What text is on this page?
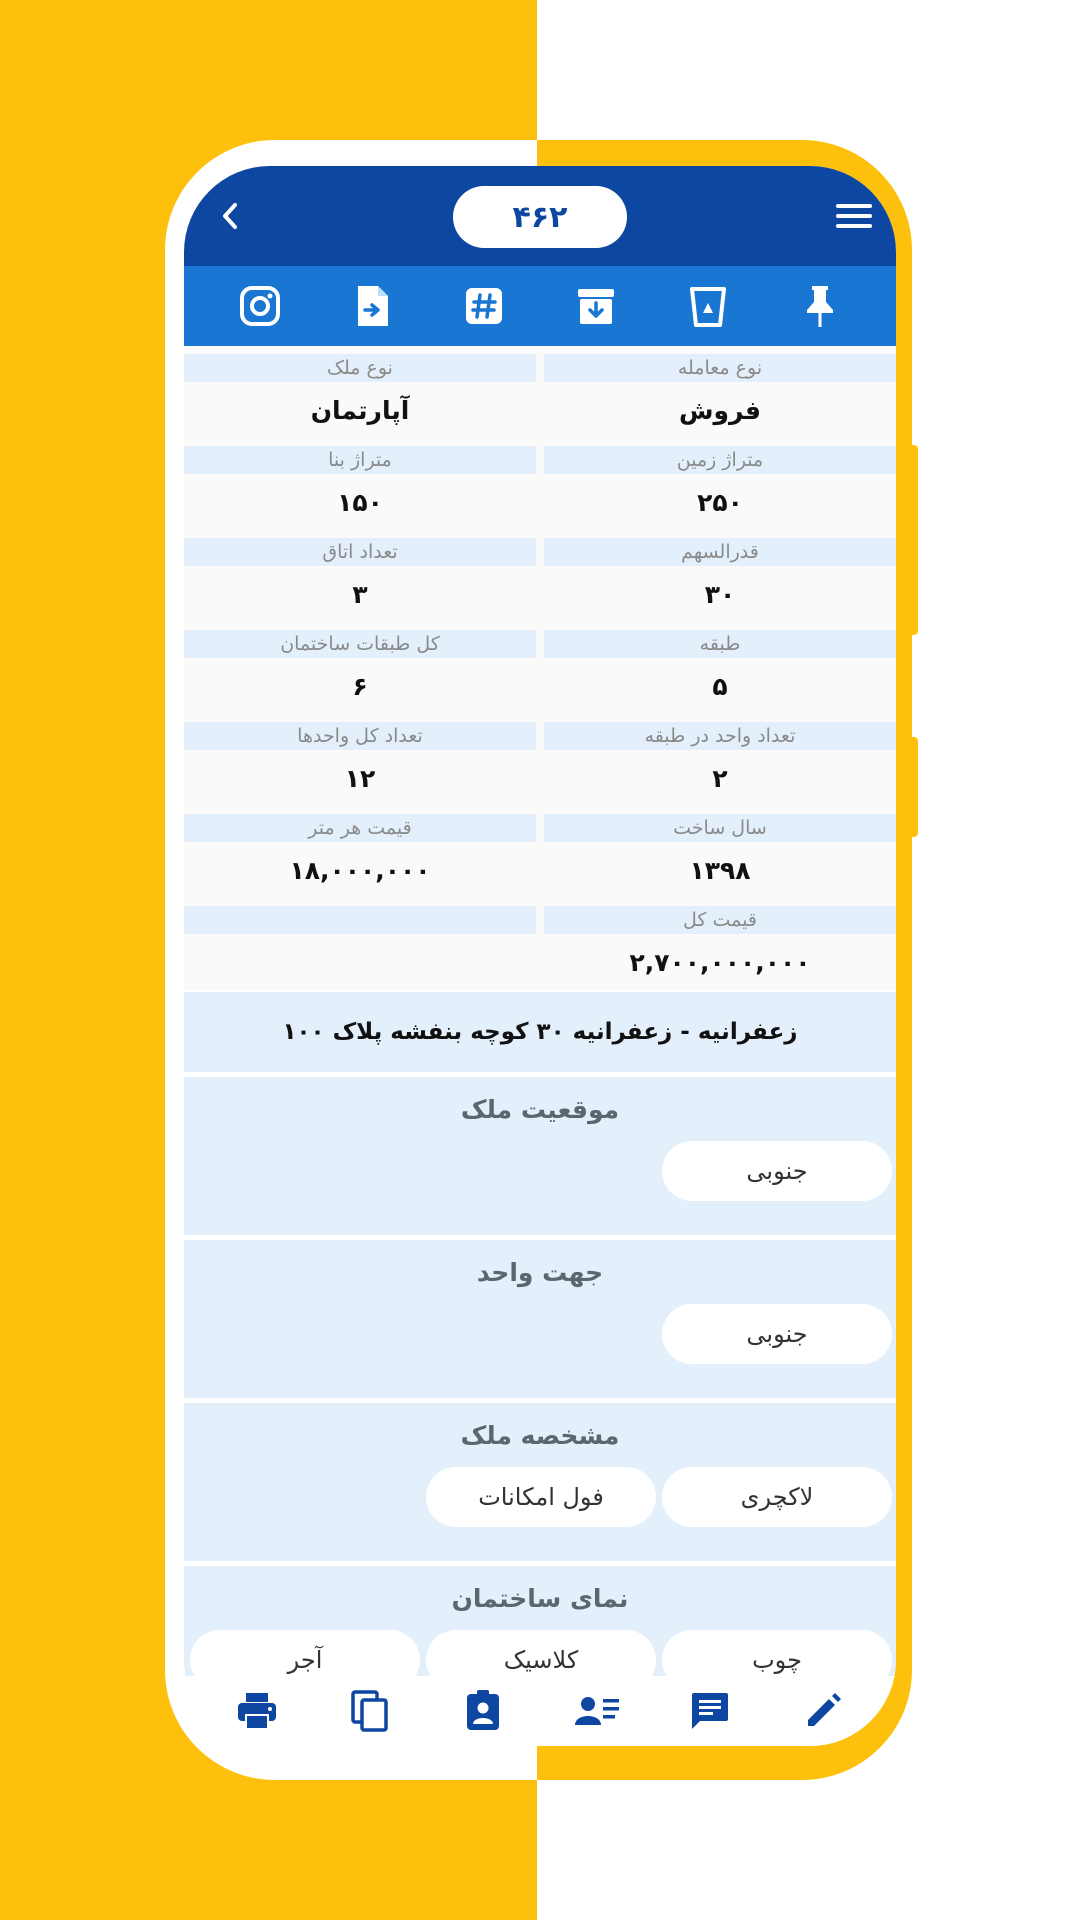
۴۶۲
نوع معامله
نوع ملک
فروش
آپارتمان
متراژ زمین
متراژ بنا
۲۵۰
۱۵۰
قدرالسهم
تعداد اتاق
۳۰
۳
طبقه
کل طبقات ساختمان
۵
۶
تعداد واحد در طبقه
تعداد کل واحدها
۲
۱۲
سال ساخت
قیمت هر متر
۱۳۹۸
۱۸,۰۰۰,۰۰۰
قیمت کل
۲,۷۰۰,۰۰۰,۰۰۰
زعفرانیه - زعفرانیه ۳۰ کوچه بنفشه پلاک ۱۰۰
موقعیت ملک
جنوبی
جهت واحد
جنوبی
مشخصه ملک
لاکچری
فول امکانات
نمای ساختمان
چوب
کلاسیک
آجر
